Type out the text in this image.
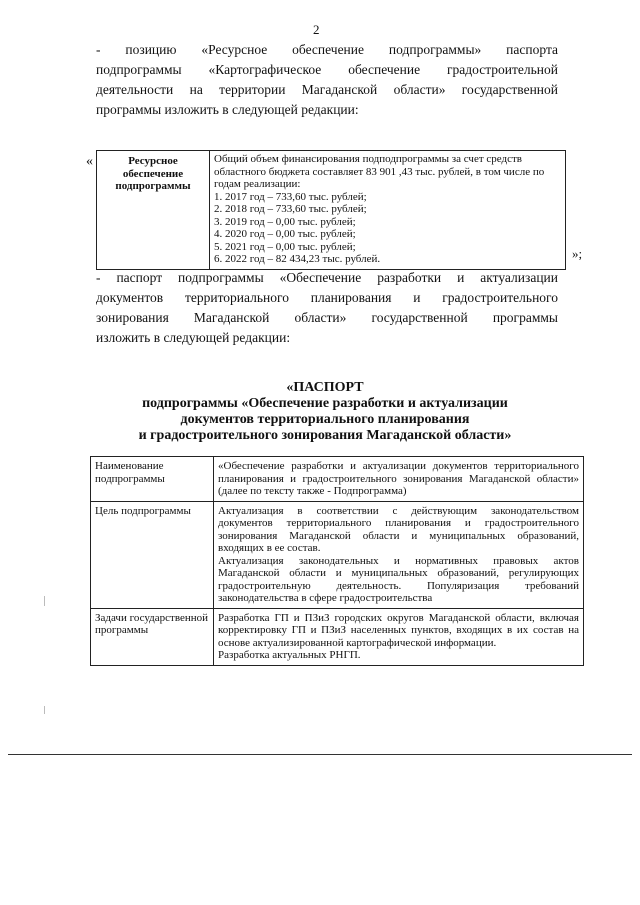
2
- позицию «Ресурсное обеспечение подпрограммы» паспорта
подпрограммы «Картографическое обеспечение градостроительной
деятельности на территории Магаданской области» государственной
программы изложить в следующей редакции:
«	Ресурсное обеспечение подпрограммы	
Общий объем финансирования подподпрограммы за счет средств областного бюджета составляет 83 901 ,43 тыс. рублей, в том числе по годам реализации:
1. 2017 год – 733,60 тыс. рублей;
2. 2018 год – 733,60 тыс. рублей;
3. 2019 год – 0,00 тыс. рублей;
4. 2020 год – 0,00 тыс. рублей;
5. 2021 год – 0,00 тыс. рублей;
6. 2022 год – 82 434,23 тыс. рублей.	»;
- паспорт подпрограммы «Обеспечение разработки и актуализации
документов территориального планирования и градостроительного
зонирования Магаданской области» государственной программы
изложить в следующей редакции:
«ПАСПОРТ
подпрограммы «Обеспечение разработки и актуализации
документов территориального планирования
и градостроительного зонирования Магаданской области»
Наименование подпрограммы	«Обеспечение разработки и актуализации документов территориального планирования и градостроительного зонирования Магаданской области» (далее по тексту также - Подпрограмма)

Цель подпрограммы	Актуализация в соответствии с действующим законодательством документов территориального планирования и градостроительного зонирования Магаданской области и муниципальных образований, входящих в ее состав.
Актуализация законодательных и нормативных правовых актов Магаданской области и муниципальных образований, регулирующих градостроительную деятельность. Популяризация требований законодательства в сфере градостроительства

Задачи государственной программы	Разработка ГП и ПЗиЗ городских округов Магаданской области, включая корректировку ГП и ПЗиЗ населенных пунктов, входящих в их состав на основе актуализированной картографической информации.
Разработка актуальных РНГП.
